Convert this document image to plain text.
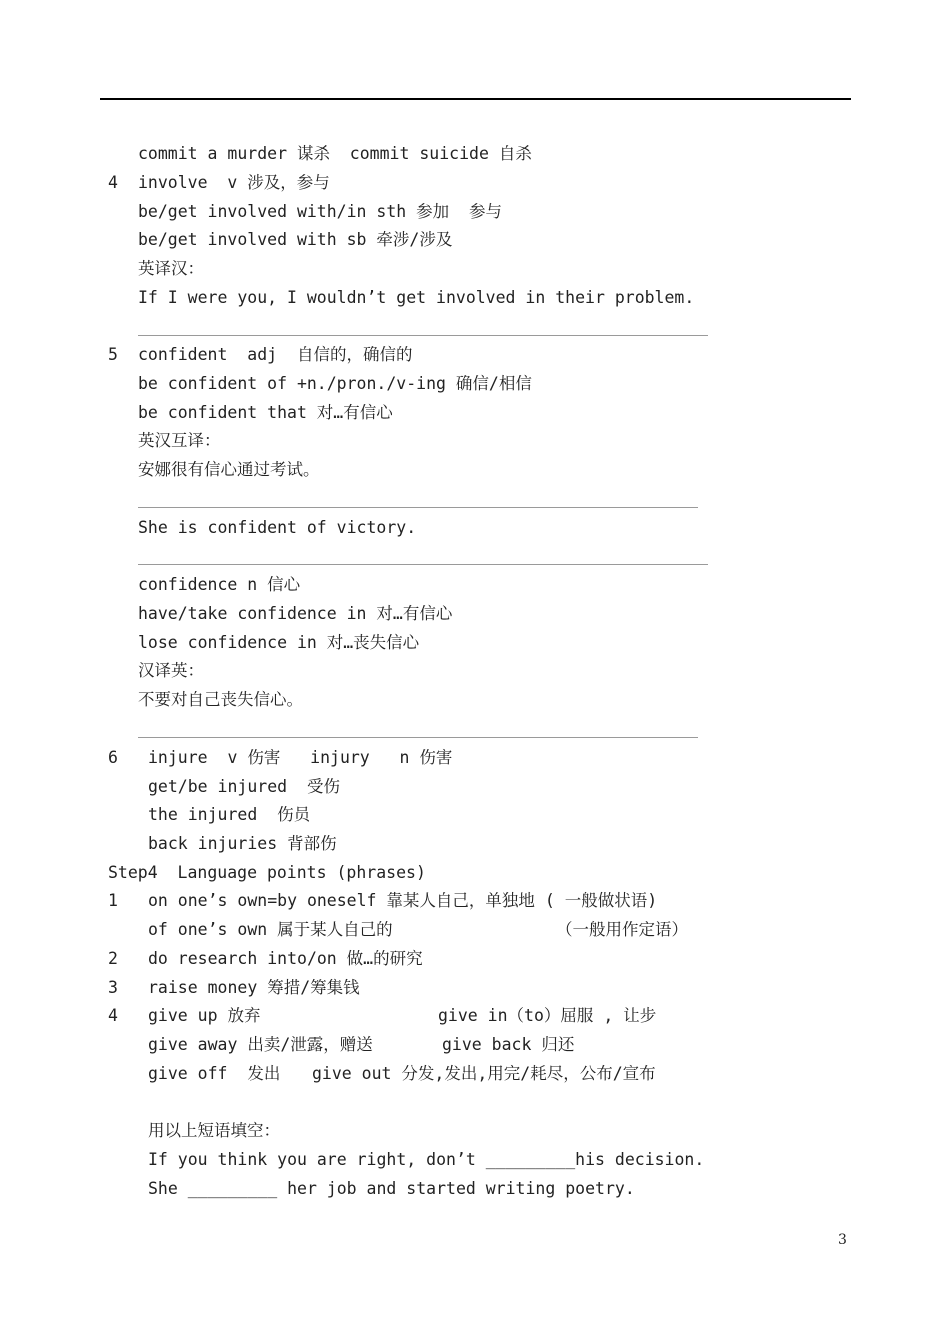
commit a murder 谋杀  commit suicide 自杀
4 involve  v 涉及，参与
be/get involved with/in sth 参加  参与
be/get involved with sb 牵涉/涉及
英译汉：
If I were you, I wouldn’t get involved in their problem.
5 confident  adj  自信的，确信的
be confident of +n./pron./v-ing 确信/相信
be confident that 对…有信心
英汉互译：
安娜很有信心通过考试。
She is confident of victory.
confidence n 信心
have/take confidence in 对…有信心
lose confidence in 对…丧失信心
汉译英：
不要对自己丧失信心。
6 injure  v 伤害   injury   n 伤害
get/be injured  受伤
the injured  伤员
back injuries 背部伤
Step4  Language points (phrases)
1 on one’s own=by oneself 靠某人自己，单独地 ( 一般做状语)
of one’s own 属于某人自己的	（一般用作定语）
2 do research into/on 做…的研究
3 raise money 筹措/筹集钱
4 give up 放弃	give in（to）屈服 , 让步
give away 出卖/泄露，赠送	give back 归还
give off  发出 give out 分发,发出,用完/耗尽，公布/宣布
用以上短语填空：
If you think you are right, don’t _________his decision.
She _________ her job and started writing poetry.
3
